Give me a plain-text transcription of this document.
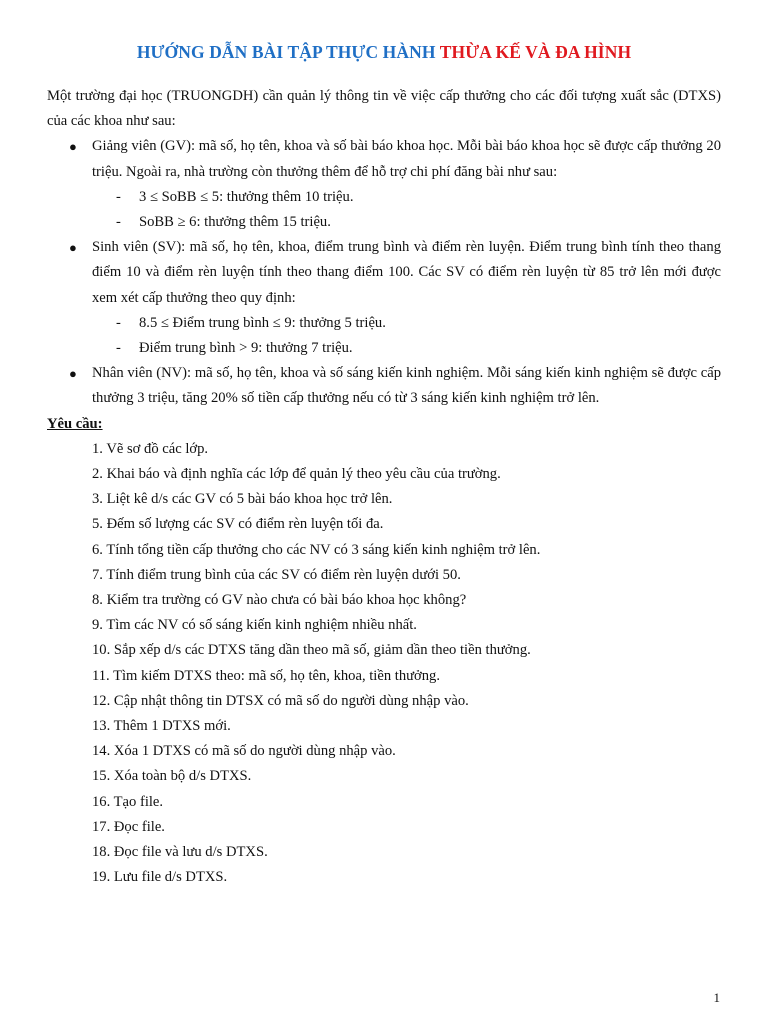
HƯỚNG DẪN BÀI TẬP THỰC HÀNH THỪA KẾ VÀ ĐA HÌNH

Một trường đại học (TRUONGDH) cần quản lý thông tin về việc cấp thưởng cho các đối tượng xuất sắc (DTXS) của các khoa như sau:

● Giảng viên (GV): mã số, họ tên, khoa và số bài báo khoa học. Mỗi bài báo khoa học sẽ được cấp thưởng 20 triệu. Ngoài ra, nhà trường còn thưởng thêm để hỗ trợ chi phí đăng bài như sau:
- 3 ≤ SoBB ≤ 5: thưởng thêm 10 triệu.
- SoBB ≥ 6: thưởng thêm 15 triệu.
● Sinh viên (SV): mã số, họ tên, khoa, điểm trung bình và điểm rèn luyện. Điểm trung bình tính theo thang điểm 10 và điểm rèn luyện tính theo thang điểm 100. Các SV có điểm rèn luyện từ 85 trở lên mới được xem xét cấp thưởng theo quy định:
- 8.5 ≤ Điểm trung bình ≤ 9: thưởng 5 triệu.
- Điểm trung bình > 9: thưởng 7 triệu.
● Nhân viên (NV): mã số, họ tên, khoa và số sáng kiến kinh nghiệm. Mỗi sáng kiến kinh nghiệm sẽ được cấp thưởng 3 triệu, tăng 20% số tiền cấp thưởng nếu có từ 3 sáng kiến kinh nghiệm trở lên.

Yêu cầu:

1. Vẽ sơ đồ các lớp.
2. Khai báo và định nghĩa các lớp để quản lý theo yêu cầu của trường.
3. Liệt kê d/s các GV có 5 bài báo khoa học trở lên.
5. Đếm số lượng các SV có điểm rèn luyện tối đa.
6. Tính tổng tiền cấp thưởng cho các NV có 3 sáng kiến kinh nghiệm trở lên.
7. Tính điểm trung bình của các SV có điểm rèn luyện dưới 50.
8. Kiểm tra trường có GV nào chưa có bài báo khoa học không?
9. Tìm các NV có số sáng kiến kinh nghiệm nhiều nhất.
10. Sắp xếp d/s các DTXS tăng dần theo mã số, giảm dần theo tiền thưởng.
11. Tìm kiếm DTXS theo: mã số, họ tên, khoa, tiền thưởng.
12. Cập nhật thông tin DTSX có mã số do người dùng nhập vào.
13. Thêm 1 DTXS mới.
14. Xóa 1 DTXS có mã số do người dùng nhập vào.
15. Xóa toàn bộ d/s DTXS.
16. Tạo file.
17. Đọc file.
18. Đọc file và lưu d/s DTXS.
19. Lưu file d/s DTXS.
1
